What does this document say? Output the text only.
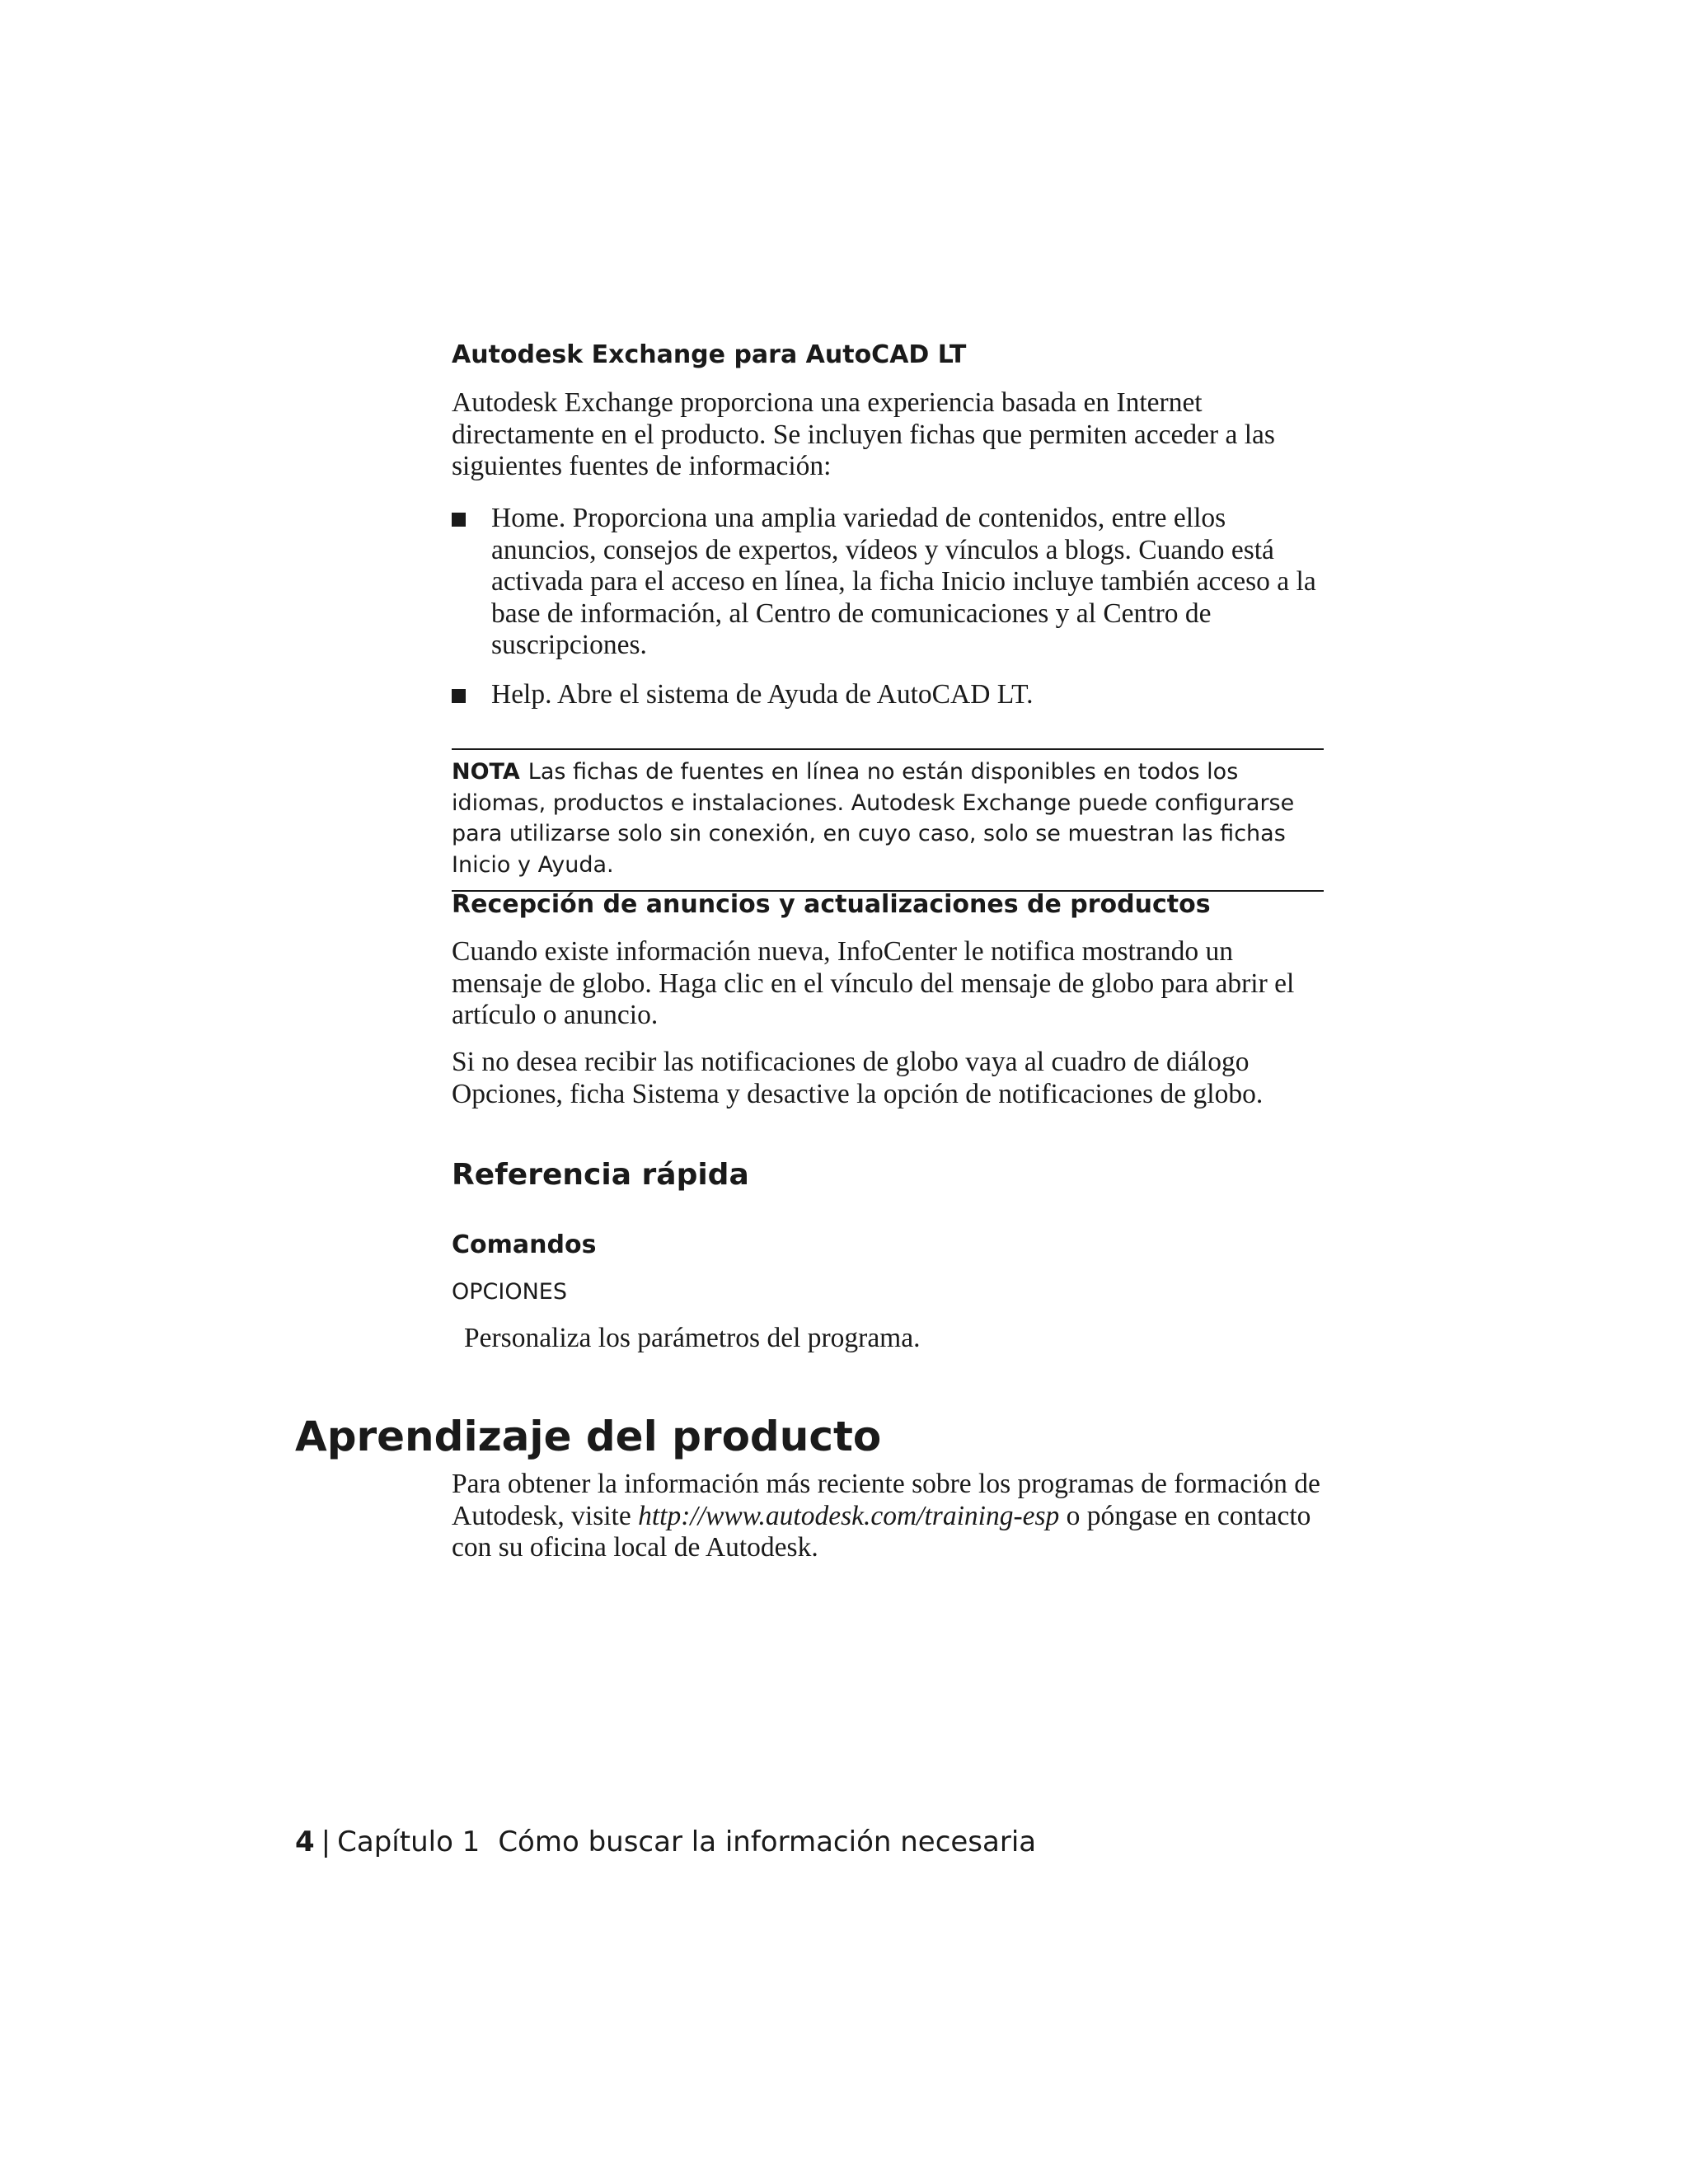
Autodesk Exchange para AutoCAD LT

Autodesk Exchange proporciona una experiencia basada en Internet directamente en el producto. Se incluyen fichas que permiten acceder a las siguientes fuentes de información:

Home. Proporciona una amplia variedad de contenidos, entre ellos anuncios, consejos de expertos, vídeos y vínculos a blogs. Cuando está activada para el acceso en línea, la ficha Inicio incluye también acceso a la base de información, al Centro de comunicaciones y al Centro de suscripciones.
Help. Abre el sistema de Ayuda de AutoCAD LT.
NOTA Las fichas de fuentes en línea no están disponibles en todos los idiomas, productos e instalaciones. Autodesk Exchange puede configurarse para utilizarse solo sin conexión, en cuyo caso, solo se muestran las fichas Inicio y Ayuda.
Recepción de anuncios y actualizaciones de productos

Cuando existe información nueva, InfoCenter le notifica mostrando un mensaje de globo. Haga clic en el vínculo del mensaje de globo para abrir el artículo o anuncio.

Si no desea recibir las notificaciones de globo vaya al cuadro de diálogo Opciones, ficha Sistema y desactive la opción de notificaciones de globo.

Referencia rápida
Comandos

OPCIONES

Personaliza los parámetros del programa.

Aprendizaje del producto

Para obtener la información más reciente sobre los programas de formación de Autodesk, visite http://www.autodesk.com/training-esp o póngase en contacto con su oficina local de Autodesk.

4 | Capítulo 1 Cómo buscar la información necesaria
